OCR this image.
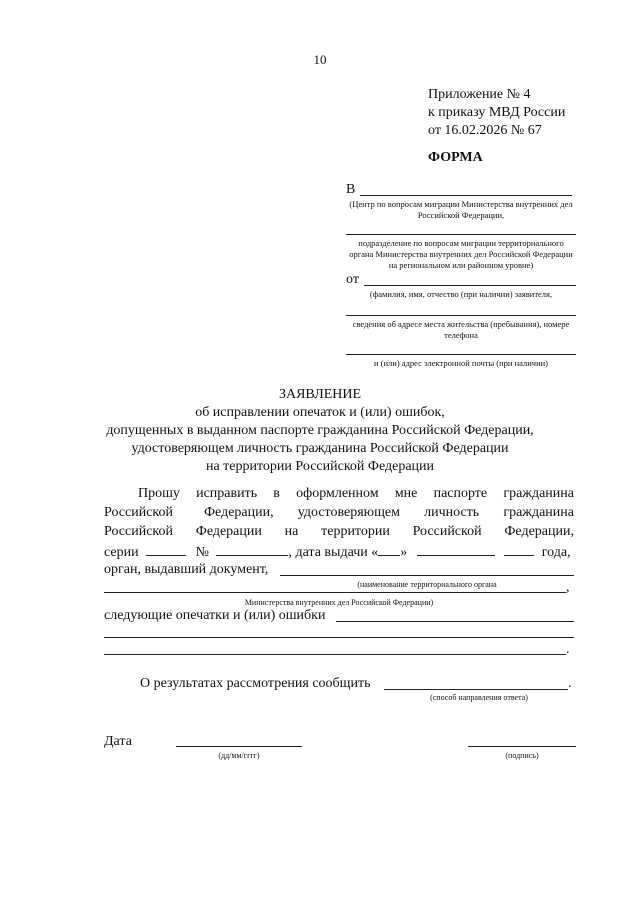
10
Приложение № 4
к приказу МВД России
от 16.02.2026 № 67
ФОРМА
В
(Центр по вопросам миграции Министерства внутренних дел Российской Федерации,
подразделение по вопросам миграции территориального органа Министерства внутренних дел Российской Федерации на региональном или районном уровне)
от
(фамилия, имя, отчество (при наличии) заявителя,
сведения об адресе места жительства (пребывания), номере телефона
и (или) адрес электронной почты (при наличии)
ЗАЯВЛЕНИЕ
об исправлении опечаток и (или) ошибок,
допущенных в выданном паспорте гражданина Российской Федерации,
удостоверяющем личность гражданина Российской Федерации
на территории Российской Федерации
Прошу исправить в оформленном мне паспорте гражданина
Российской Федерации, удостоверяющем личность гражданина
Российской Федерации на территории Российской Федерации,
серии	№	, дата выдачи « »	года,
орган, выдавший документ,
(наименование территориального органа	,
Министерства внутренних дел Российской Федерации)
следующие опечатки и (или) ошибки
.
О результатах рассмотрения сообщить	.
(способ направления ответа)
Дата
(дд/мм/гггг)	(подпись)
